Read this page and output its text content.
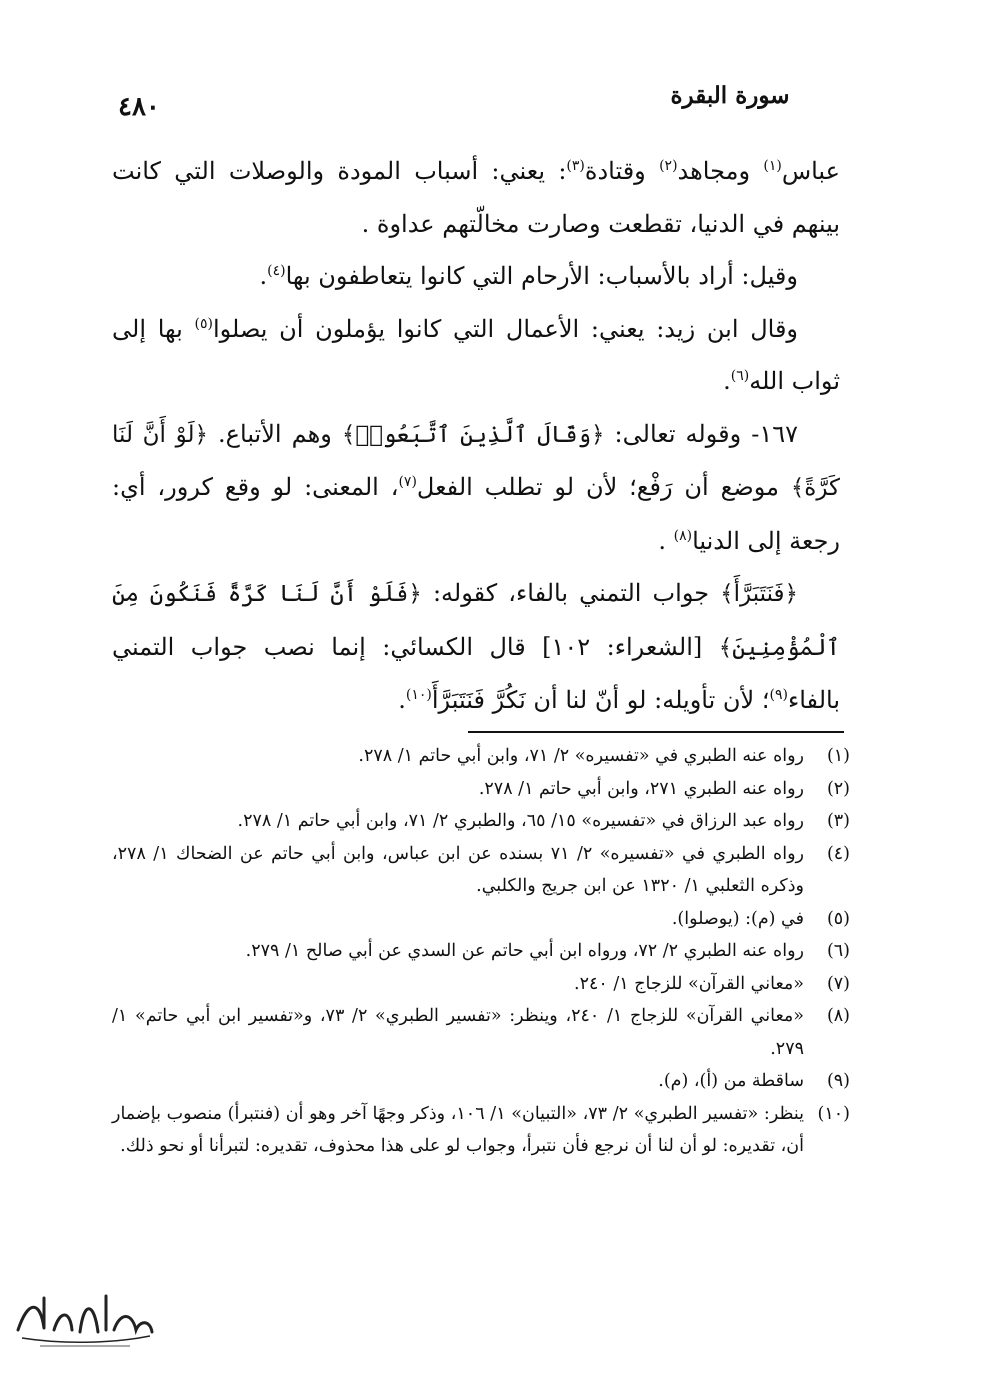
سورة البقرة
٤٨٠

عباس$^{(١)}$ ومجاهد$^{(٢)}$ وقتادة$^{(٣)}$: يعني: أسباب المودة والوصلات التي كانت بينهم في الدنيا، تقطعت وصارت مخالّتهم عداوة .

وقيل: أراد بالأسباب: الأرحام التي كانوا يتعاطفون بها$^{(٤)}$.

وقال ابن زيد: يعني: الأعمال التي كانوا يؤملون أن يصلوا$^{(٥)}$ بها إلى ثواب الله$^{(٦)}$.

١٦٧- وقوله تعالى: ﴿وَقَالَ ٱلَّذِينَ ٱتَّبَعُوا۟﴾ وهم الأتباع. ﴿لَوْ أَنَّ لَنَا كَرَّةً﴾ موضع أن رَفْع؛ لأن لو تطلب الفعل$^{(٧)}$، المعنى: لو وقع كرور، أي: رجعة إلى الدنيا$^{(٨)}$ .

﴿فَنَتَبَرَّأَ﴾ جواب التمني بالفاء، كقوله: ﴿فَلَوْ أَنَّ لَنَا كَرَّةً فَنَكُونَ مِنَ ٱلْمُؤْمِنِينَ﴾ [الشعراء: ١٠٢] قال الكسائي: إنما نصب جواب التمني بالفاء$^{(٩)}$؛ لأن تأويله: لو أنّ لنا أن نَكُرَّ فَنَتَبَرَّأَ$^{(١٠)}$.

(١)
رواه عنه الطبري في «تفسيره» ٢/ ٧١، وابن أبي حاتم ١/ ٢٧٨.
(٢)
رواه عنه الطبري ٢٧١، وابن أبي حاتم ١/ ٢٧٨.
(٣)
رواه عبد الرزاق في «تفسيره» ١٥/ ٦٥، والطبري ٢/ ٧١، وابن أبي حاتم ١/ ٢٧٨.
(٤)
رواه الطبري في «تفسيره» ٢/ ٧١ بسنده عن ابن عباس، وابن أبي حاتم عن الضحاك ١/ ٢٧٨، وذكره الثعلبي ١/ ١٣٢٠ عن ابن جريج والكلبي.
(٥)
في (م): (يوصلوا).
(٦)
رواه عنه الطبري ٢/ ٧٢، ورواه ابن أبي حاتم عن السدي عن أبي صالح ١/ ٢٧٩.
(٧)
«معاني القرآن» للزجاج ١/ ٢٤٠.
(٨)
«معاني القرآن» للزجاج ١/ ٢٤٠، وينظر: «تفسير الطبري» ٢/ ٧٣، و«تفسير ابن أبي حاتم» ١/ ٢٧٩.
(٩)
ساقطة من (أ)، (م).
(١٠)
ينظر: «تفسير الطبري» ٢/ ٧٣، «التبيان» ١/ ١٠٦، وذكر وجهًا آخر وهو أن (فنتبرأ) منصوب بإضمار أن، تقديره: لو أن لنا أن نرجع فأن نتبرأ، وجواب لو على هذا محذوف، تقديره: لتبرأنا أو نحو ذلك.
